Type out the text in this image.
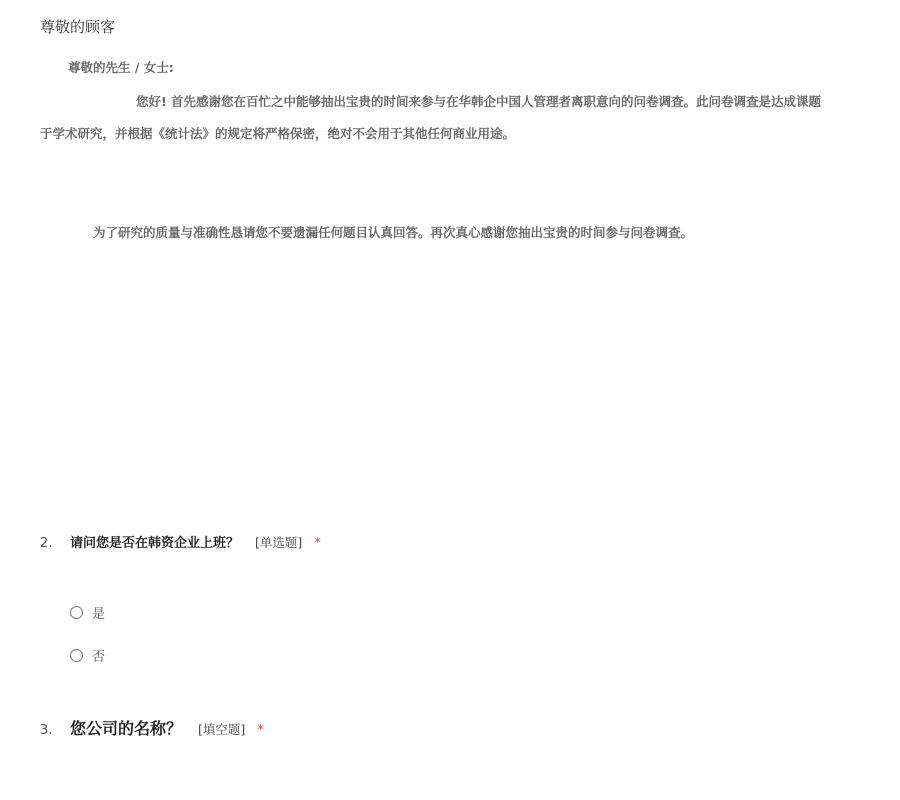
尊敬的顾客
尊敬的先生 / 女士:
您好! 首先感谢您在百忙之中能够抽出宝贵的时间来参与在华韩企中国人管理者离职意向的问卷调查。此问卷调查是达成课题
于学术研究，并根据《统计法》的规定将严格保密，绝对不会用于其他任何商业用途。
为了研究的质量与准确性恳请您不要遗漏任何题目认真回答。再次真心感谢您抽出宝贵的时间参与问卷调查。
2.	请问您是否在韩资企业上班？ [单选题] *
是
否
3.	您公司的名称？ [填空题] *
